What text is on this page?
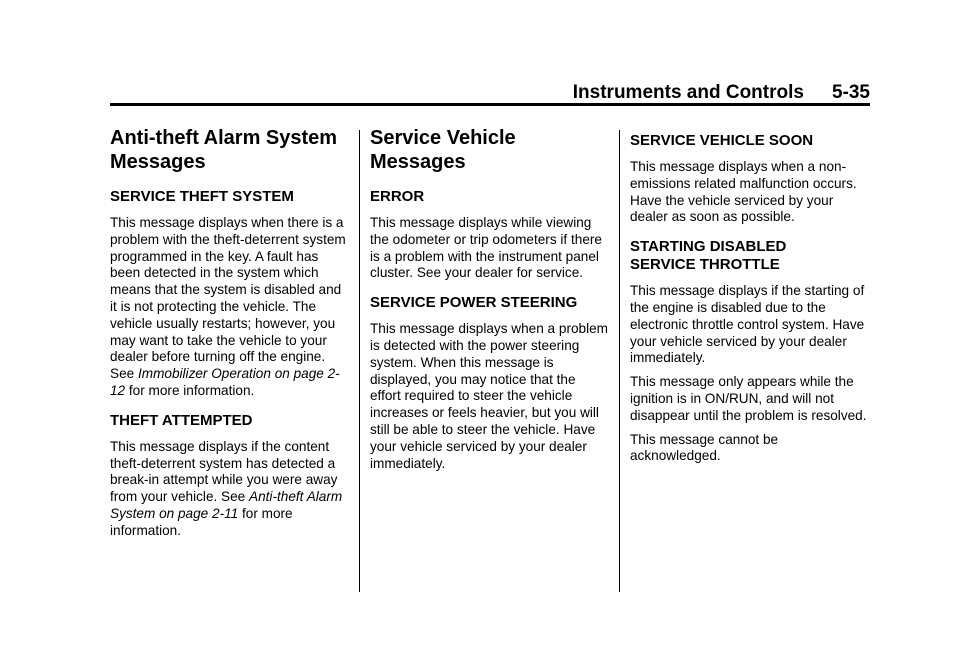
Instruments and Controls 5-35
Anti-theft Alarm System
Messages
SERVICE THEFT SYSTEM

This message displays when there is a problem with the theft-deterrent system programmed in the key. A fault has been detected in the system which means that the system is disabled and it is not protecting the vehicle. The vehicle usually restarts; however, you may want to take the vehicle to your dealer before turning off the engine. See Immobilizer Operation on page 2-12 for more information.

THEFT ATTEMPTED

This message displays if the content theft-deterrent system has detected a break-in attempt while you were away from your vehicle. See Anti-theft Alarm System on page 2-11 for more information.

Service Vehicle Messages
ERROR

This message displays while viewing the odometer or trip odometers if there is a problem with the instrument panel cluster. See your dealer for service.

SERVICE POWER STEERING

This message displays when a problem is detected with the power steering system. When this message is displayed, you may notice that the effort required to steer the vehicle increases or feels heavier, but you will still be able to steer the vehicle. Have your vehicle serviced by your dealer immediately.

SERVICE VEHICLE SOON

This message displays when a non-emissions related malfunction occurs. Have the vehicle serviced by your dealer as soon as possible.

STARTING DISABLED
SERVICE THROTTLE

This message displays if the starting of the engine is disabled due to the electronic throttle control system. Have your vehicle serviced by your dealer immediately.

This message only appears while the ignition is in ON/RUN, and will not disappear until the problem is resolved.

This message cannot be acknowledged.
